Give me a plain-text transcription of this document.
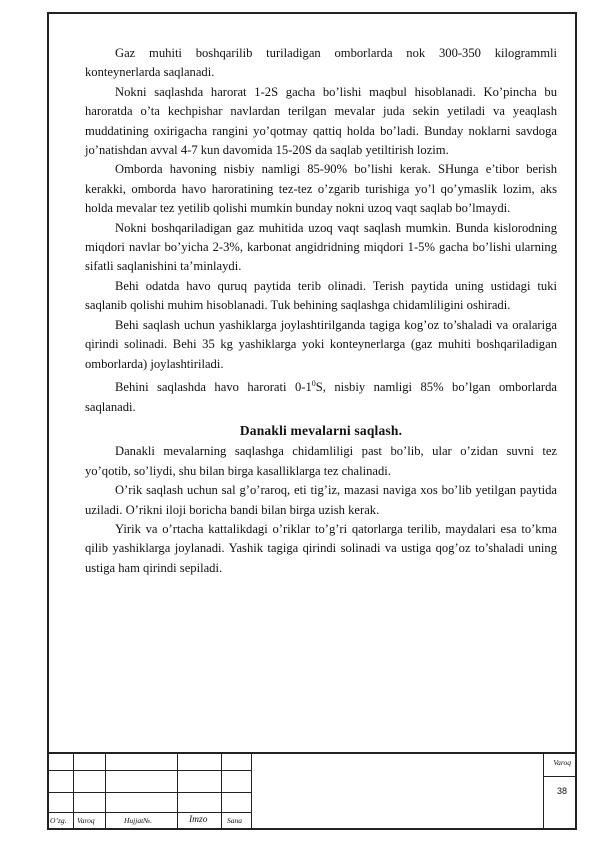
Gaz muhiti boshqarilib turiladigan omborlarda nok 300-350 kilogrammli konteynerlarda saqlanadi.

Nokni saqlashda harorat 1-2S gacha bo’lishi maqbul hisoblanadi. Ko’pincha bu haroratda o’ta kechpishar navlardan terilgan mevalar juda sekin yetiladi va yeaqlash muddatining oxirigacha rangini yo’qotmay qattiq holda bo’ladi. Bunday noklarni savdoga jo’natishdan avval 4-7 kun davomida 15-20S da saqlab yetiltirish lozim.

Omborda havoning nisbiy namligi 85-90% bo’lishi kerak. SHunga e’tibor berish kerakki, omborda havo haroratining tez-tez o’zgarib turishiga yo’l qo’ymaslik lozim, aks holda mevalar tez yetilib qolishi mumkin bunday nokni uzoq vaqt saqlab bo’lmaydi.

Nokni boshqariladigan gaz muhitida uzoq vaqt saqlash mumkin. Bunda kislorodning miqdori navlar bo’yicha 2-3%, karbonat angidridning miqdori 1-5% gacha bo’lishi ularning sifatli saqlanishini ta’minlaydi.

Behi odatda havo quruq paytida terib olinadi. Terish paytida uning ustidagi tuki saqlanib qolishi muhim hisoblanadi. Tuk behining saqlashga chidamliligini oshiradi.

Behi saqlash uchun yashiklarga joylashtirilganda tagiga kog’oz to’shaladi va oralariga qirindi solinadi. Behi 35 kg yashiklarga yoki konteynerlarga (gaz muhiti boshqariladigan omborlarda) joylashtiriladi.

Behini saqlashda havo harorati $0-1^0S$, nisbiy namligi 85% bo’lgan omborlarda saqlanadi.

Danakli mevalarni saqlash.

Danakli mevalarning saqlashga chidamliligi past bo’lib, ular o’zidan suvni tez yo’qotib, so’liydi, shu bilan birga kasalliklarga tez chalinadi.

O’rik saqlash uchun sal g’o’raroq, eti tig’iz, mazasi naviga xos bo’lib yetilgan paytida uziladi. O’rikni iloji boricha bandi bilan birga uzish kerak.

Yirik va o’rtacha kattalikdagi o’riklar to’g’ri qatorlarga terilib, maydalari esa to’kma qilib yashiklarga joylanadi. Yashik tagiga qirindi solinadi va ustiga qog’oz to’shaladi uning ustiga ham qirindi sepiladi.

O’zg. Varoq	Hujjat№.	Imzo	Sana
Varoq
38
